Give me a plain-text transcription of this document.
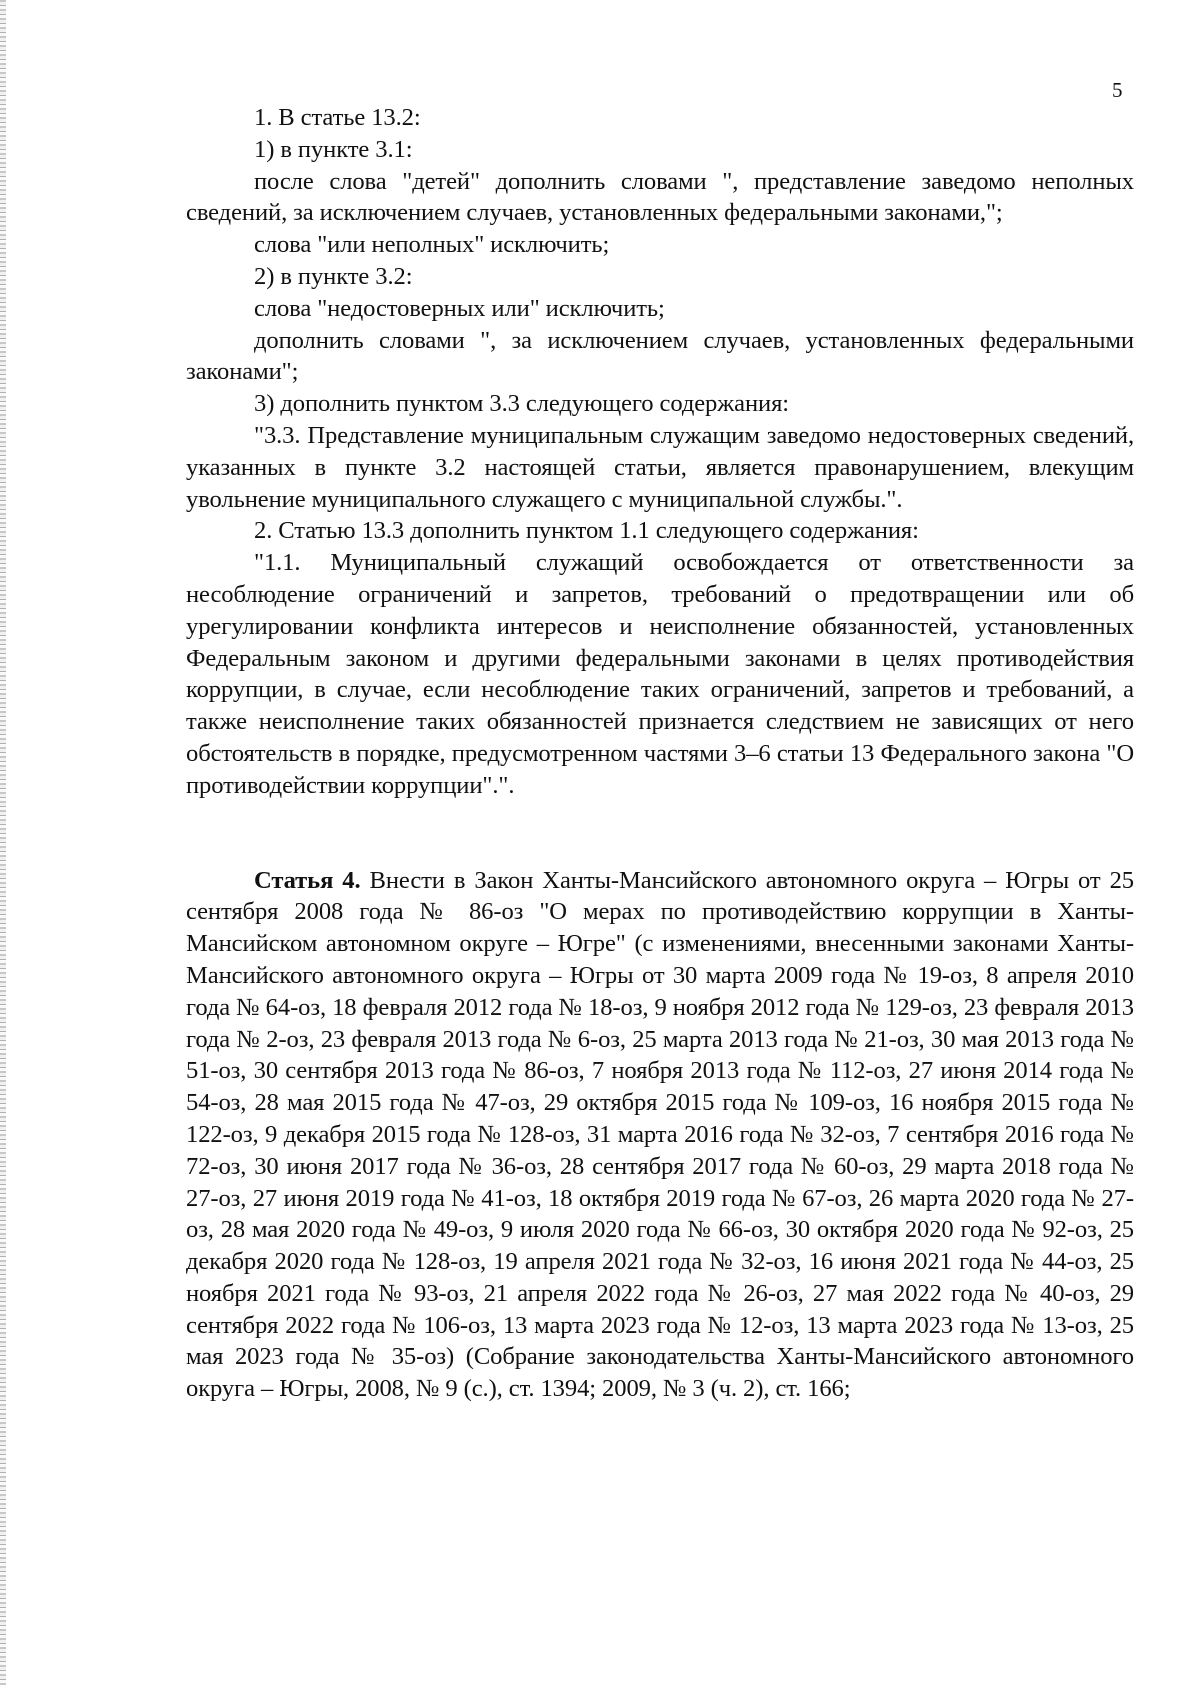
5

1. В статье 13.2:

1) в пункте 3.1:

после слова "детей" дополнить словами ", представление заведомо неполных сведений, за исключением случаев, установленных федеральными законами,";

слова "или неполных" исключить;

2) в пункте 3.2:

слова "недостоверных или" исключить;

дополнить словами ", за исключением случаев, установленных федеральными законами";

3) дополнить пунктом 3.3 следующего содержания:

"3.3. Представление муниципальным служащим заведомо недостоверных сведений, указанных в пункте 3.2 настоящей статьи, является правонарушением, влекущим увольнение муниципального служащего с муниципальной службы.".

2. Статью 13.3 дополнить пунктом 1.1 следующего содержания:

"1.1. Муниципальный служащий освобождается от ответственности за несоблюдение ограничений и запретов, требований о предотвращении или об урегулировании конфликта интересов и неисполнение обязанностей, установленных Федеральным законом и другими федеральными законами в целях противодействия коррупции, в случае, если несоблюдение таких ограничений, запретов и требований, а также неисполнение таких обязанностей признается следствием не зависящих от него обстоятельств в порядке, предусмотренном частями 3–6 статьи 13 Федерального закона "О противодействии коррупции".".

Статья 4. Внести в Закон Ханты-Мансийского автономного округа – Югры от 25 сентября 2008 года № 86-оз "О мерах по противодействию коррупции в Ханты-Мансийском автономном округе – Югре" (с изменениями, внесенными законами Ханты-Мансийского автономного округа – Югры от 30 марта 2009 года № 19-оз, 8 апреля 2010 года № 64-оз, 18 февраля 2012 года № 18-оз, 9 ноября 2012 года № 129-оз, 23 февраля 2013 года № 2-оз, 23 февраля 2013 года № 6-оз, 25 марта 2013 года № 21-оз, 30 мая 2013 года № 51-оз, 30 сентября 2013 года № 86-оз, 7 ноября 2013 года № 112-оз, 27 июня 2014 года № 54-оз, 28 мая 2015 года № 47-оз, 29 октября 2015 года № 109-оз, 16 ноября 2015 года № 122-оз, 9 декабря 2015 года № 128-оз, 31 марта 2016 года № 32-оз, 7 сентября 2016 года № 72-оз, 30 июня 2017 года № 36-оз, 28 сентября 2017 года № 60-оз, 29 марта 2018 года № 27-оз, 27 июня 2019 года № 41-оз, 18 октября 2019 года № 67-оз, 26 марта 2020 года № 27-оз, 28 мая 2020 года № 49-оз, 9 июля 2020 года № 66-оз, 30 октября 2020 года № 92-оз, 25 декабря 2020 года № 128-оз, 19 апреля 2021 года № 32-оз, 16 июня 2021 года № 44-оз, 25 ноября 2021 года № 93-оз, 21 апреля 2022 года № 26-оз, 27 мая 2022 года № 40-оз, 29 сентября 2022 года № 106-оз, 13 марта 2023 года № 12-оз, 13 марта 2023 года № 13-оз, 25 мая 2023 года № 35-оз) (Собрание законодательства Ханты-Мансийского автономного округа – Югры, 2008, № 9 (с.), ст. 1394; 2009, № 3 (ч. 2), ст. 166;
